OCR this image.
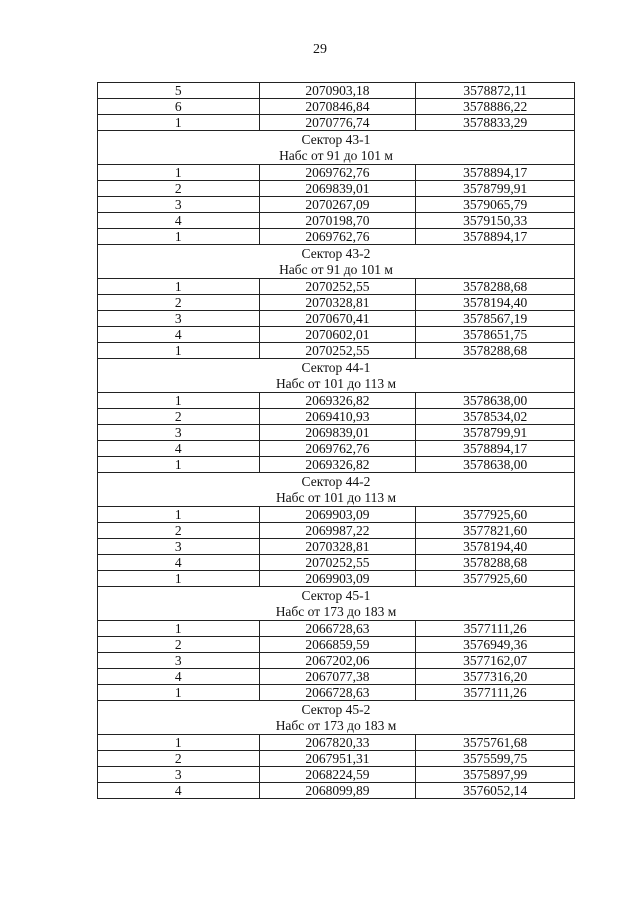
29
5	2070903,18	3578872,11
6	2070846,84	3578886,22
1	2070776,74	3578833,29

Сектор 43-1
Набс от 91 до 101 м		

1	2069762,76	3578894,17
2	2069839,01	3578799,91
3	2070267,09	3579065,79
4	2070198,70	3579150,33
1	2069762,76	3578894,17

Сектор 43-2
Набс от 91 до 101 м		

1	2070252,55	3578288,68
2	2070328,81	3578194,40
3	2070670,41	3578567,19
4	2070602,01	3578651,75
1	2070252,55	3578288,68

Сектор 44-1
Набс от 101 до 113 м		

1	2069326,82	3578638,00
2	2069410,93	3578534,02
3	2069839,01	3578799,91
4	2069762,76	3578894,17
1	2069326,82	3578638,00

Сектор 44-2
Набс от 101 до 113 м		

1	2069903,09	3577925,60
2	2069987,22	3577821,60
3	2070328,81	3578194,40
4	2070252,55	3578288,68
1	2069903,09	3577925,60

Сектор 45-1
Набс от 173 до 183 м		

1	2066728,63	3577111,26
2	2066859,59	3576949,36
3	2067202,06	3577162,07
4	2067077,38	3577316,20
1	2066728,63	3577111,26

Сектор 45-2
Набс от 173 до 183 м		

1	2067820,33	3575761,68
2	2067951,31	3575599,75
3	2068224,59	3575897,99
4	2068099,89	3576052,14
